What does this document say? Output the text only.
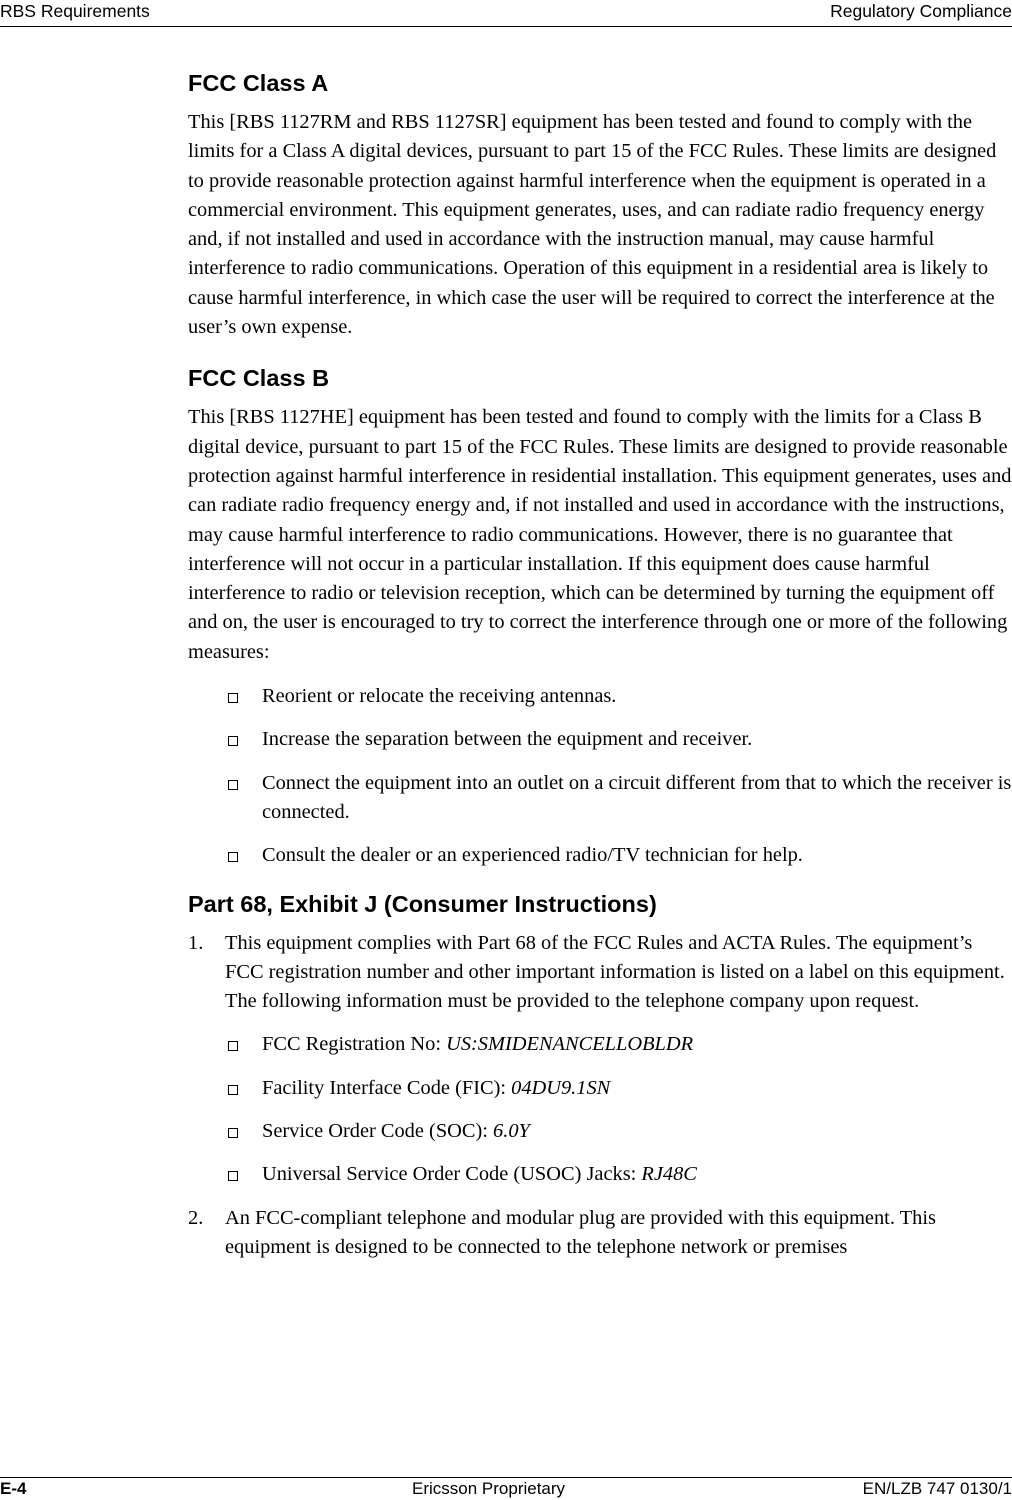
RBS Requirements	Regulatory Compliance
FCC Class A

This [RBS 1127RM and RBS 1127SR] equipment has been tested and found to comply with the limits for a Class A digital devices, pursuant to part 15 of the FCC Rules. These limits are designed to provide reasonable protection against harmful interference when the equipment is operated in a commercial environment. This equipment generates, uses, and can radiate radio frequency energy and, if not installed and used in accordance with the instruction manual, may cause harmful interference to radio communications. Operation of this equipment in a residential area is likely to cause harmful interference, in which case the user will be required to correct the interference at the user’s own expense.

FCC Class B

This [RBS 1127HE] equipment has been tested and found to comply with the limits for a Class B digital device, pursuant to part 15 of the FCC Rules. These limits are designed to provide reasonable protection against harmful interference in residential installation. This equipment generates, uses and can radiate radio frequency energy and, if not installed and used in accordance with the instructions, may cause harmful interference to radio communications. However, there is no guarantee that interference will not occur in a particular installation. If this equipment does cause harmful interference to radio or television reception, which can be determined by turning the equipment off and on, the user is encouraged to try to correct the interference through one or more of the following measures:

Reorient or relocate the receiving antennas.
Increase the separation between the equipment and receiver.
Connect the equipment into an outlet on a circuit different from that to which the receiver is connected.
Consult the dealer or an experienced radio/TV technician for help.
Part 68, Exhibit J (Consumer Instructions)
1. This equipment complies with Part 68 of the FCC Rules and ACTA Rules. The equipment’s FCC registration number and other important information is listed on a label on this equipment. The following information must be provided to the telephone company upon request.
FCC Registration No: US:SMIDENANCELLOBLDR
Facility Interface Code (FIC): 04DU9.1SN
Service Order Code (SOC): 6.0Y
Universal Service Order Code (USOC) Jacks: RJ48C
2. An FCC-compliant telephone and modular plug are provided with this equipment. This equipment is designed to be connected to the telephone network or premises
E-4	Ericsson Proprietary	EN/LZB 747 0130/1
